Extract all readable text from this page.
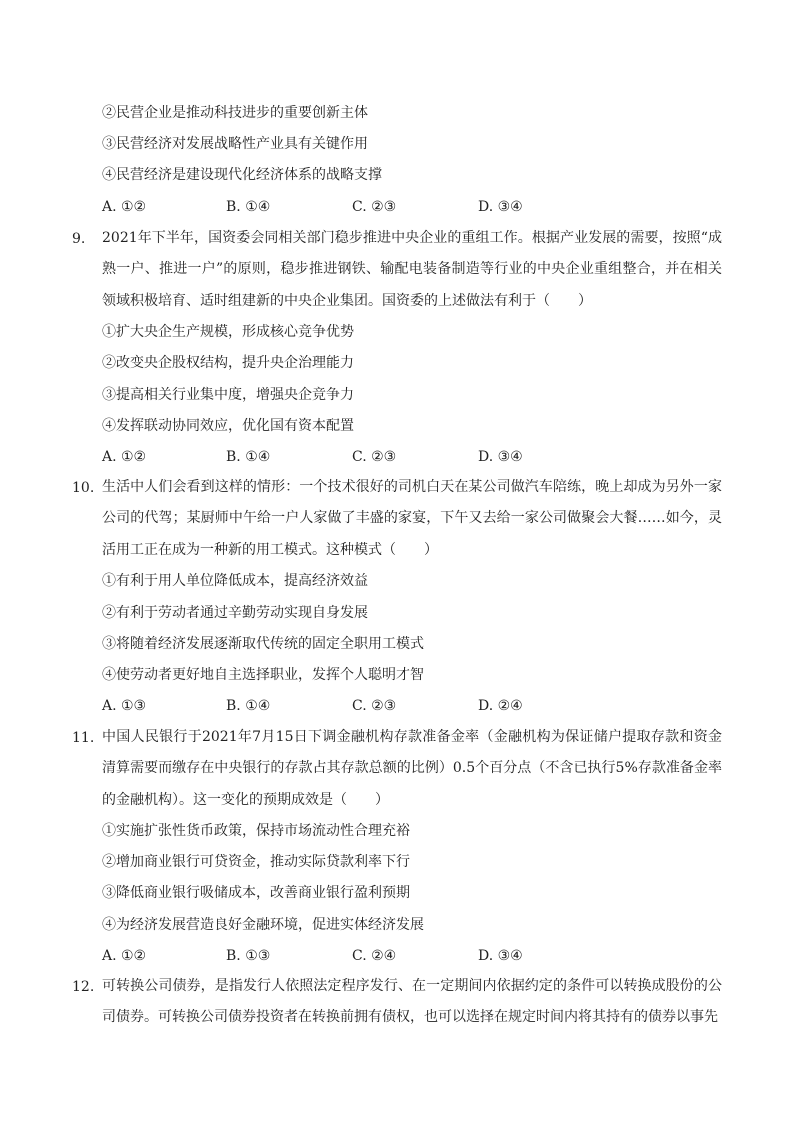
②民营企业是推动科技进步的重要创新主体
③民营经济对发展战略性产业具有关键作用
④民营经济是建设现代化经济体系的战略支撑
A. ①②	B. ①④	C. ②③	D. ③④
9. 2021年下半年，国资委会同相关部门稳步推进中央企业的重组工作。根据产业发展的需要，按照“成熟一户、推进一户”的原则，稳步推进钢铁、输配电装备制造等行业的中央企业重组整合，并在相关领域积极培育、适时组建新的中央企业集团。国资委的上述做法有利于（　　）
①扩大央企生产规模，形成核心竞争优势
②改变央企股权结构，提升央企治理能力
③提高相关行业集中度，增强央企竞争力
④发挥联动协同效应，优化国有资本配置
A. ①②	B. ①④	C. ②③	D. ③④
10. 生活中人们会看到这样的情形：一个技术很好的司机白天在某公司做汽车陪练，晚上却成为另外一家公司的代驾；某厨师中午给一户人家做了丰盛的家宴，下午又去给一家公司做聚会大餐……如今，灵活用工正在成为一种新的用工模式。这种模式（　　）
①有利于用人单位降低成本，提高经济效益
②有利于劳动者通过辛勤劳动实现自身发展
③将随着经济发展逐渐取代传统的固定全职用工模式
④使劳动者更好地自主选择职业，发挥个人聪明才智
A. ①③	B. ①④	C. ②③	D. ②④
11. 中国人民银行于2021年7月15日下调金融机构存款准备金率（金融机构为保证储户提取存款和资金清算需要而缴存在中央银行的存款占其存款总额的比例）0.5个百分点（不含已执行5%存款准备金率的金融机构）。这一变化的预期成效是（　　）
①实施扩张性货币政策，保持市场流动性合理充裕
②增加商业银行可贷资金，推动实际贷款利率下行
③降低商业银行吸储成本，改善商业银行盈利预期
④为经济发展营造良好金融环境，促进实体经济发展
A. ①②	B. ①③	C. ②④	D. ③④
12. 可转换公司债券，是指发行人依照法定程序发行、在一定期间内依据约定的条件可以转换成股份的公司债券。可转换公司债券投资者在转换前拥有债权，也可以选择在规定时间内将其持有的债券以事先
